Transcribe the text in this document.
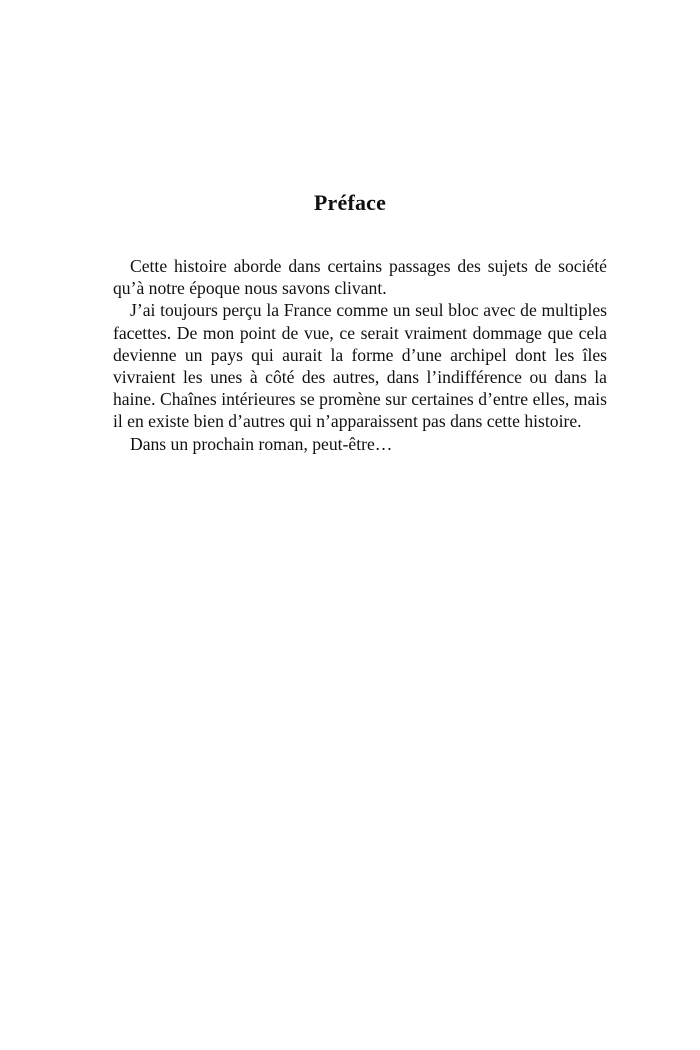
Préface

Cette histoire aborde dans certains passages des sujets de société qu’à notre époque nous savons clivant.

J’ai toujours perçu la France comme un seul bloc avec de multiples facettes. De mon point de vue, ce serait vraiment dommage que cela devienne un pays qui aurait la forme d’une archipel dont les îles vivraient les unes à côté des autres, dans l’indifférence ou dans la haine. Chaînes intérieures se promène sur certaines d’entre elles, mais il en existe bien d’autres qui n’apparaissent pas dans cette histoire.

Dans un prochain roman, peut-être…
